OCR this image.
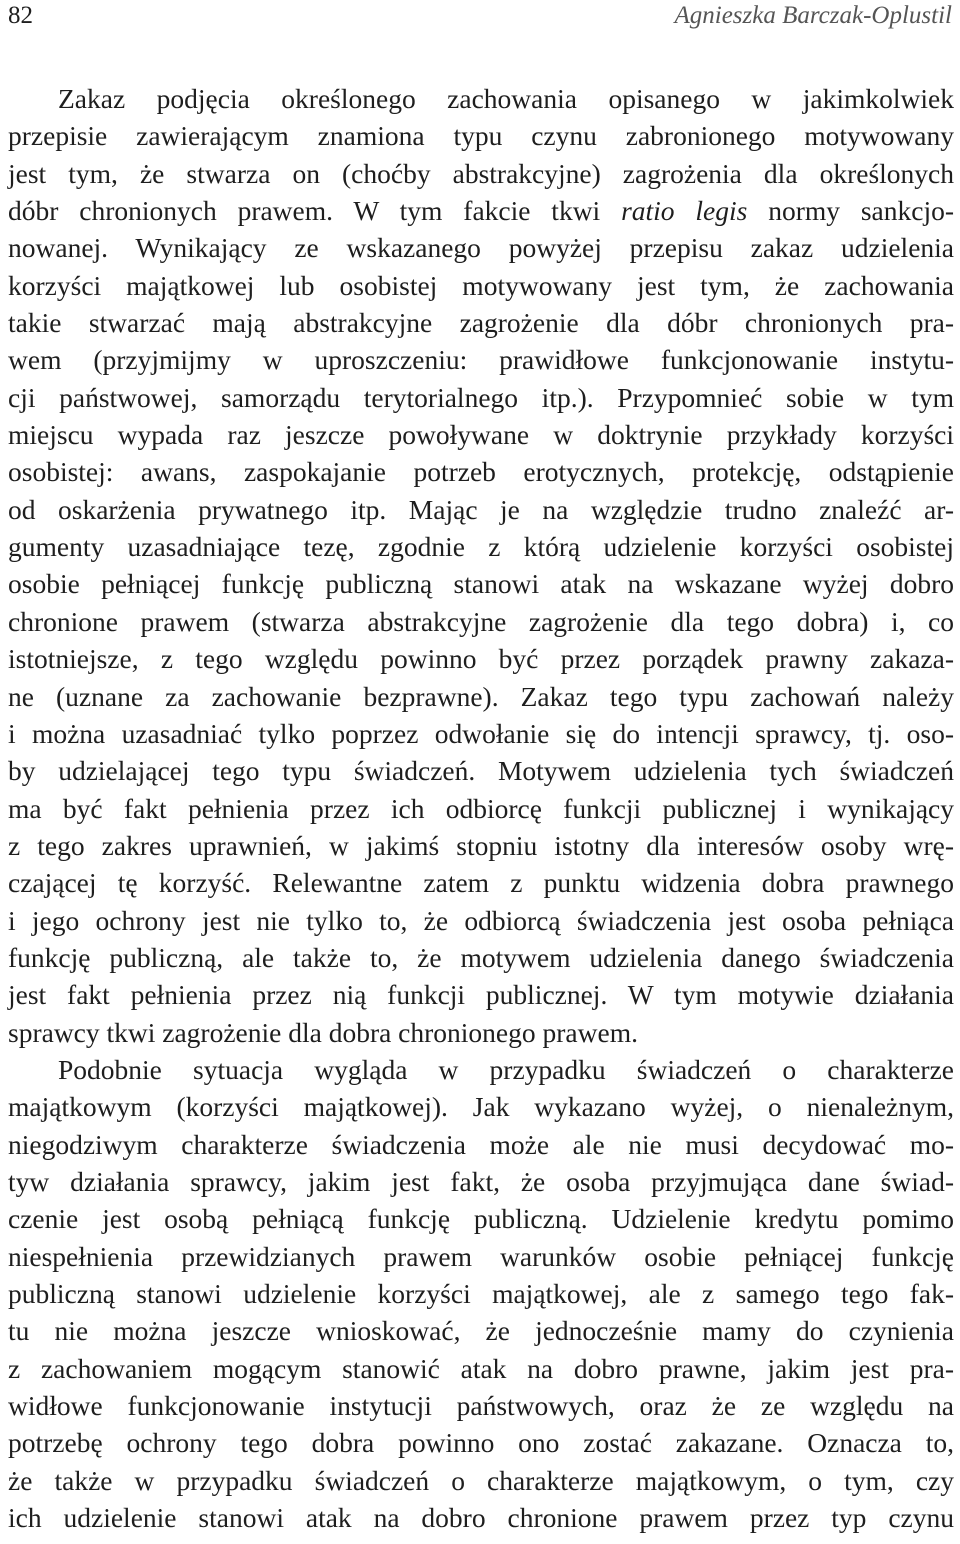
82	Agnieszka Barczak-Oplustil
Zakaz podjęcia określonego zachowania opisanego w jakimkolwiek
przepisie zawierającym znamiona typu czynu zabronionego motywowany
jest tym, że stwarza on (choćby abstrakcyjne) zagrożenia dla określonych
dóbr chronionych prawem. W tym fakcie tkwi ratio legis normy sankcjo-
nowanej. Wynikający ze wskazanego powyżej przepisu zakaz udzielenia
korzyści majątkowej lub osobistej motywowany jest tym, że zachowania
takie stwarzać mają abstrakcyjne zagrożenie dla dóbr chronionych pra-
wem (przyjmijmy w uproszczeniu: prawidłowe funkcjonowanie instytu-
cji państwowej, samorządu terytorialnego itp.). Przypomnieć sobie w tym
miejscu wypada raz jeszcze powoływane w doktrynie przykłady korzyści
osobistej: awans, zaspokajanie potrzeb erotycznych, protekcję, odstąpienie
od oskarżenia prywatnego itp. Mając je na względzie trudno znaleźć ar-
gumenty uzasadniające tezę, zgodnie z którą udzielenie korzyści osobistej
osobie pełniącej funkcję publiczną stanowi atak na wskazane wyżej dobro
chronione prawem (stwarza abstrakcyjne zagrożenie dla tego dobra) i, co
istotniejsze, z tego względu powinno być przez porządek prawny zakaza-
ne (uznane za zachowanie bezprawne). Zakaz tego typu zachowań należy
i można uzasadniać tylko poprzez odwołanie się do intencji sprawcy, tj. oso-
by udzielającej tego typu świadczeń. Motywem udzielenia tych świadczeń
ma być fakt pełnienia przez ich odbiorcę funkcji publicznej i wynikający
z tego zakres uprawnień, w jakimś stopniu istotny dla interesów osoby wrę-
czającej tę korzyść. Relewantne zatem z punktu widzenia dobra prawnego
i jego ochrony jest nie tylko to, że odbiorcą świadczenia jest osoba pełniąca
funkcję publiczną, ale także to, że motywem udzielenia danego świadczenia
jest fakt pełnienia przez nią funkcji publicznej. W tym motywie działania
sprawcy tkwi zagrożenie dla dobra chronionego prawem.
Podobnie sytuacja wygląda w przypadku świadczeń o charakterze
majątkowym (korzyści majątkowej). Jak wykazano wyżej, o nienależnym,
niegodziwym charakterze świadczenia może ale nie musi decydować mo-
tyw działania sprawcy, jakim jest fakt, że osoba przyjmująca dane świad-
czenie jest osobą pełniącą funkcję publiczną. Udzielenie kredytu pomimo
niespełnienia przewidzianych prawem warunków osobie pełniącej funkcję
publiczną stanowi udzielenie korzyści majątkowej, ale z samego tego fak-
tu nie można jeszcze wnioskować, że jednocześnie mamy do czynienia
z zachowaniem mogącym stanowić atak na dobro prawne, jakim jest pra-
widłowe funkcjonowanie instytucji państwowych, oraz że ze względu na
potrzebę ochrony tego dobra powinno ono zostać zakazane. Oznacza to,
że także w przypadku świadczeń o charakterze majątkowym, o tym, czy
ich udzielenie stanowi atak na dobro chronione prawem przez typ czynu
